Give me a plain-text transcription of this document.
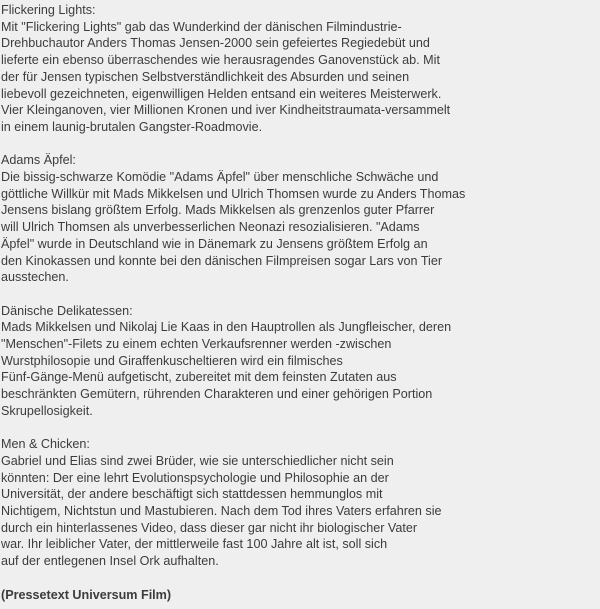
Flickering Lights:
Mit "Flickering Lights" gab das Wunderkind der dänischen Filmindustrie-
Drehbuchautor Anders Thomas Jensen-2000 sein gefeiertes Regiedebüt und
lieferte ein ebenso überraschendes wie herausragendes Ganovenstück ab. Mit
der für Jensen typischen Selbstverständlichkeit des Absurden und seinen
liebevoll gezeichneten, eigenwilligen Helden entsand ein weiteres Meisterwerk.
Vier Kleinganoven, vier Millionen Kronen und iver Kindheitstraumata-versammelt
in einem launig-brutalen Gangster-Roadmovie.
Adams Äpfel:
Die bissig-schwarze Komödie "Adams Äpfel" über menschliche Schwäche und
göttliche Willkür mit Mads Mikkelsen und Ulrich Thomsen wurde zu Anders Thomas
Jensens bislang größtem Erfolg. Mads Mikkelsen als grenzenlos guter Pfarrer
will Ulrich Thomsen als unverbesserlichen Neonazi resozialisieren. "Adams
Äpfel" wurde in Deutschland wie in Dänemark zu Jensens größtem Erfolg an
den Kinokassen und konnte bei den dänischen Filmpreisen sogar Lars von Tier
ausstechen.
Dänische Delikatessen:
Mads Mikkelsen und Nikolaj Lie Kaas in den Hauptrollen als Jungfleischer, deren
"Menschen"-Filets zu einem echten Verkaufsrenner werden -zwischen
Wurstphilosopie und Giraffenkuscheltieren wird ein filmisches
Fünf-Gänge-Menü aufgetischt, zubereitet mit dem feinsten Zutaten aus
beschränkten Gemütern, rührenden Charakteren und einer gehörigen Portion
Skrupellosigkeit.
Men & Chicken:
Gabriel und Elias sind zwei Brüder, wie sie unterschiedlicher nicht sein
könnten: Der eine lehrt Evolutionspsychologie und Philosophie an der
Universität, der andere beschäftigt sich stattdessen hemmunglos mit
Nichtigem, Nichtstun und Mastubieren. Nach dem Tod ihres Vaters erfahren sie
durch ein hinterlassenes Video, dass dieser gar nicht ihr biologischer Vater
war. Ihr leiblicher Vater, der mittlerweile fast 100 Jahre alt ist, soll sich
auf der entlegenen Insel Ork aufhalten.
(Pressetext Universum Film)
